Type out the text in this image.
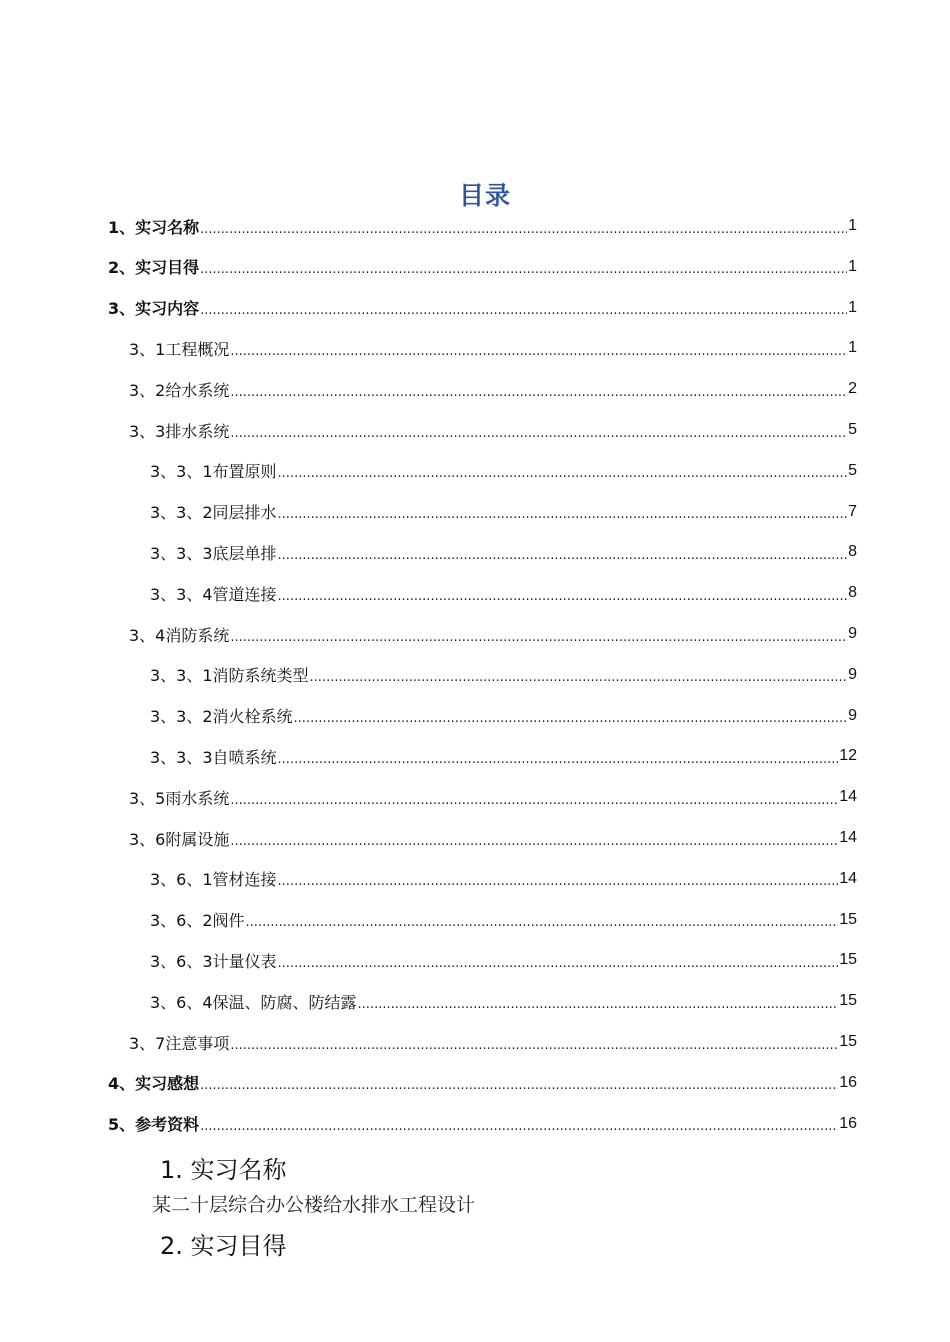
目录
1、实习名称 .....	1
2、实习目得 .....	1
3、实习内容 .....	1
3、1工程概况 .....	1
3、2给水系统 .....	2
3、3排水系统 .....	5
3、3、1布置原则 .....	5
3、3、2同层排水 .....	7
3、3、3底层单排 .....	8
3、3、4管道连接 .....	8
3、4消防系统 .....	9
3、3、1消防系统类型 .....	9
3、3、2消火栓系统 .....	9
3、3、3自喷系统 .....	12
3、5雨水系统 .....	14
3、6附属设施 .....	14
3、6、1管材连接 .....	14
3、6、2阀件 .....	15
3、6、3计量仪表 .....	15
3、6、4保温、防腐、防结露 .....	15
3、7注意事项 .....	15
4、实习感想 .....	16
5、参考资料 .....	16
1. 实习名称
某二十层综合办公楼给水排水工程设计
2. 实习目得
